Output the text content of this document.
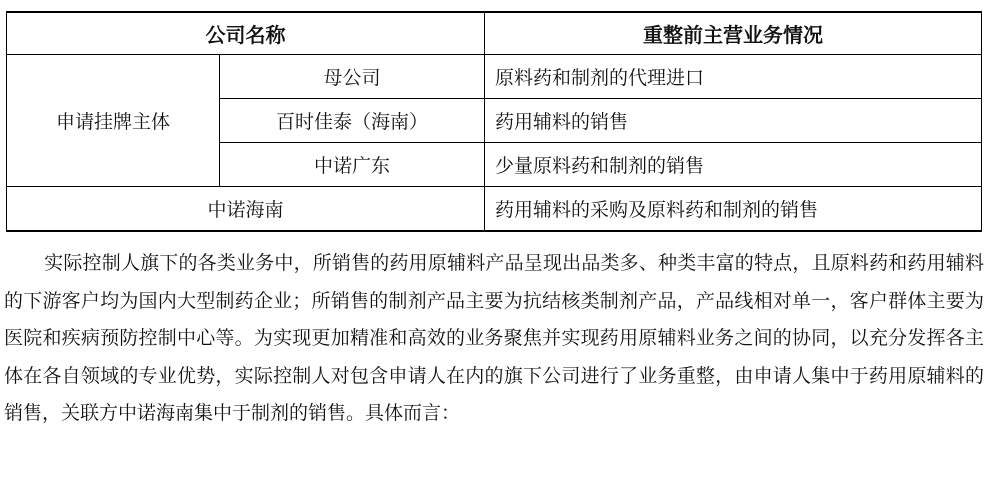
公司名称		重整前主营业务情况
申请挂牌主体	母公司	原料药和制剂的代理进口
	百时佳泰（海南）	药用辅料的销售
	中诺广东	少量原料药和制剂的销售
中诺海南		药用辅料的采购及原料药和制剂的销售

实际控制人旗下的各类业务中，所销售的药用原辅料产品呈现出品类多、种类丰富的特点，且原料药和药用辅料的下游客户均为国内大型制药企业；所销售的制剂产品主要为抗结核类制剂产品，产品线相对单一，客户群体主要为医院和疾病预防控制中心等。为实现更加精准和高效的业务聚焦并实现药用原辅料业务之间的协同，以充分发挥各主体在各自领域的专业优势，实际控制人对包含申请人在内的旗下公司进行了业务重整，由申请人集中于药用原辅料的销售，关联方中诺海南集中于制剂的销售。具体而言：
